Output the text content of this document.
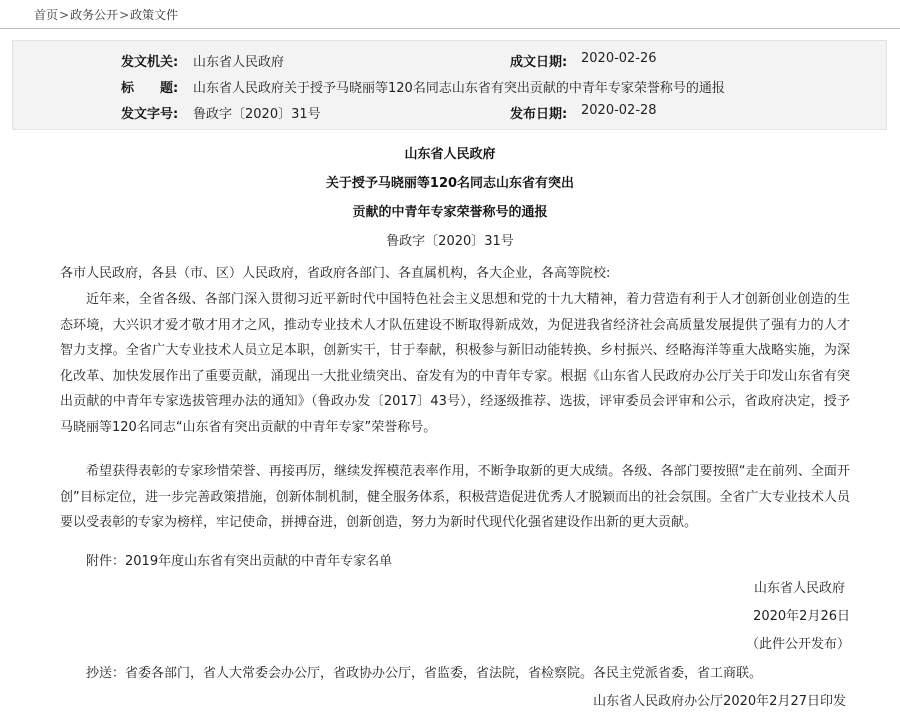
首页>政务公开>政策文件
发文机关: 山东省人民政府	成文日期: 2020-02-26
标　　题: 山东省人民政府关于授予马晓丽等120名同志山东省有突出贡献的中青年专家荣誉称号的通报
发文字号: 鲁政字〔2020〕31号	发布日期: 2020-02-28
山东省人民政府
关于授予马晓丽等120名同志山东省有突出
贡献的中青年专家荣誉称号的通报
鲁政字〔2020〕31号
各市人民政府，各县（市、区）人民政府，省政府各部门、各直属机构，各大企业，各高等院校:
近年来，全省各级、各部门深入贯彻习近平新时代中国特色社会主义思想和党的十九大精神，着力营造有利于人才创新创业创造的生态环境，大兴识才爱才敬才用才之风，推动专业技术人才队伍建设不断取得新成效，为促进我省经济社会高质量发展提供了强有力的人才智力支撑。全省广大专业技术人员立足本职，创新实干，甘于奉献，积极参与新旧动能转换、乡村振兴、经略海洋等重大战略实施，为深化改革、加快发展作出了重要贡献，涌现出一大批业绩突出、奋发有为的中青年专家。根据《山东省人民政府办公厅关于印发山东省有突出贡献的中青年专家选拔管理办法的通知》（鲁政办发〔2017〕43号），经逐级推荐、选拔，评审委员会评审和公示，省政府决定，授予马晓丽等120名同志“山东省有突出贡献的中青年专家”荣誉称号。
希望获得表彰的专家珍惜荣誉、再接再厉，继续发挥模范表率作用，不断争取新的更大成绩。各级、各部门要按照“走在前列、全面开创”目标定位，进一步完善政策措施，创新体制机制，健全服务体系，积极营造促进优秀人才脱颖而出的社会氛围。全省广大专业技术人员要以受表彰的专家为榜样，牢记使命，拼搏奋进，创新创造，努力为新时代现代化强省建设作出新的更大贡献。
附件：2019年度山东省有突出贡献的中青年专家名单
山东省人民政府
2020年2月26日
（此件公开发布）
抄送：省委各部门，省人大常委会办公厅，省政协办公厅，省监委，省法院，省检察院。各民主党派省委，省工商联。
山东省人民政府办公厅2020年2月27日印发
